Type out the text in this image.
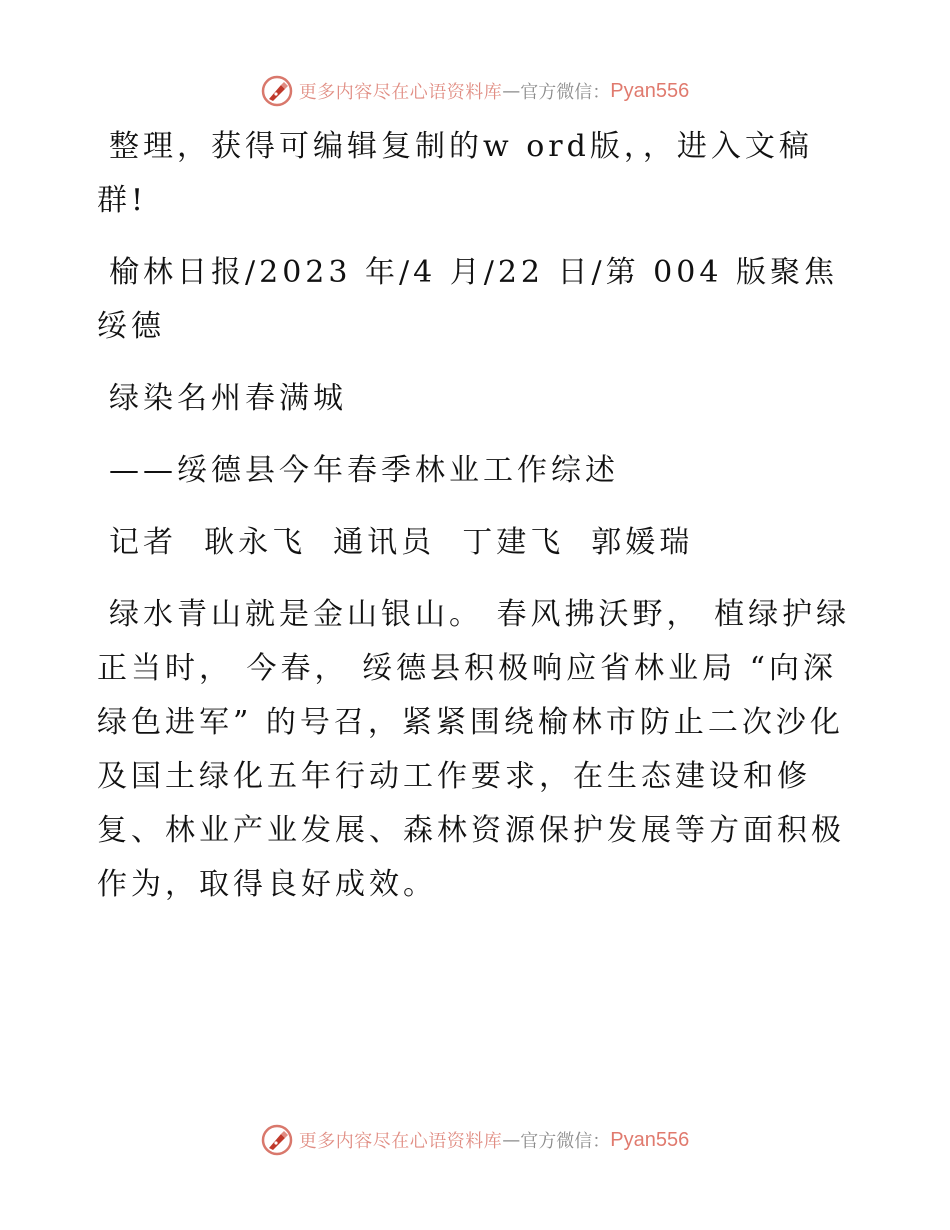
更多内容尽在心语资料库 — 官方微信 ： Pyan556

整理，获得可编辑复制的w ord版，，进入文稿群!

榆林日报/2023 年/4 月/22 日/第 004 版聚焦绥德

绿染名州春满城

——绥德县今年春季林业工作综述

记者  耿永飞  通讯员  丁建飞  郭媛瑞

绿水青山就是金山银山。 春风拂沃野， 植绿护绿正当时， 今春， 绥德县积极响应省林业局 “向深绿色进军” 的号召，紧紧围绕榆林市防止二次沙化及国土绿化五年行动工作要求，在生态建设和修复、林业产业发展、森林资源保护发展等方面积极作为，取得良好成效。

更多内容尽在心语资料库 — 官方微信 ： Pyan556
